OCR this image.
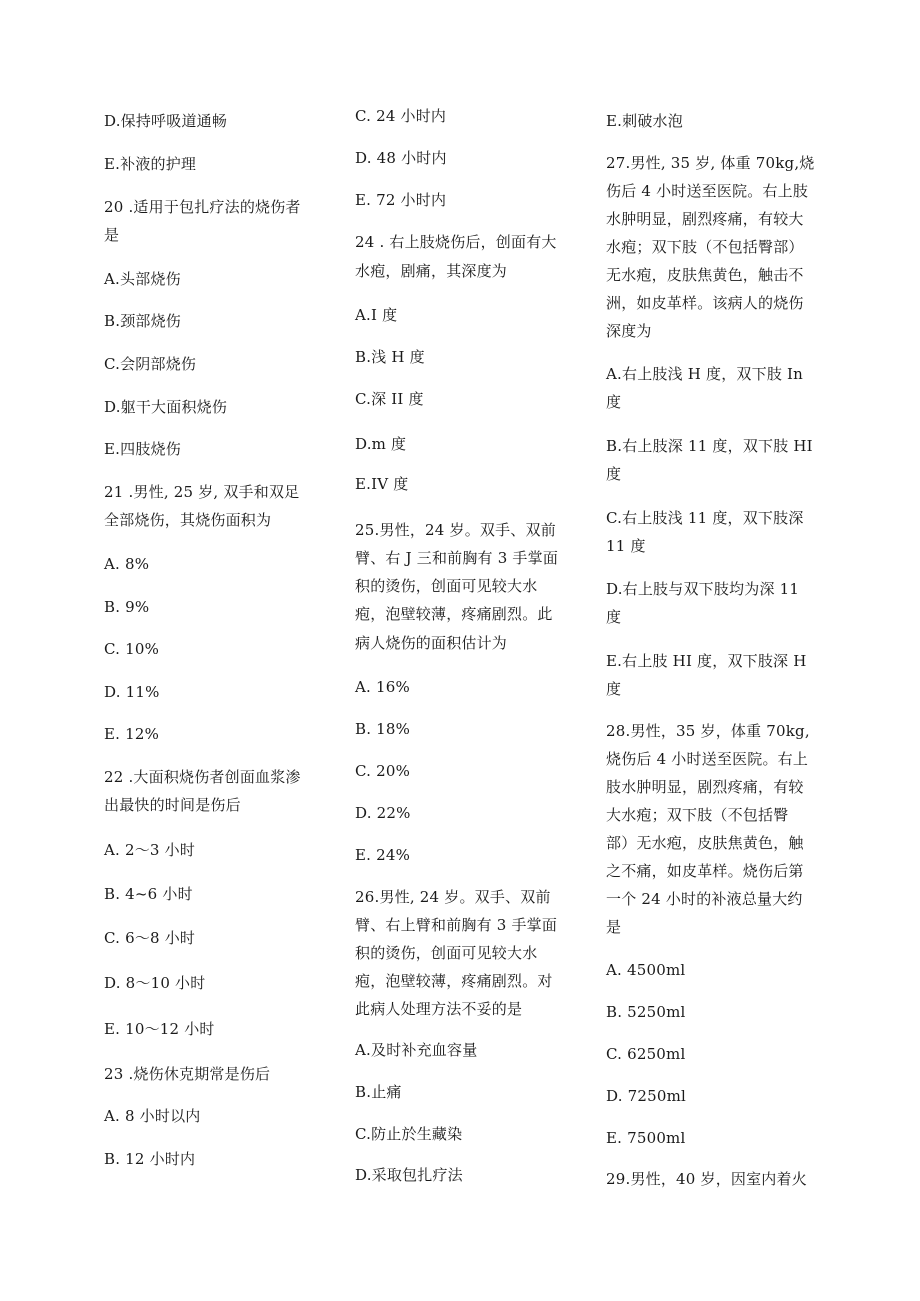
D.保持呼吸道通畅
E.补液的护理
20 .适用于包扎疗法的烧伤者
是
A.头部烧伤
B.颈部烧伤
C.会阴部烧伤
D.躯干大面积烧伤
E.四肢烧伤
21 .男性, 25 岁, 双手和双足
全部烧伤，其烧伤面积为
A. 8%
B. 9%
C. 10%
D. 11%
E. 12%
22 .大面积烧伤者创面血浆渗
出最快的时间是伤后
A. 2～3 小时
B. 4~6 小时
C. 6～8 小时
D. 8～10 小时
E. 10～12 小时
23 .烧伤休克期常是伤后
A. 8 小时以内
B. 12 小时内
C. 24 小时内
D. 48 小时内
E. 72 小时内
24 . 右上肢烧伤后，创面有大
水疱，剧痛，其深度为
A.I 度
B.浅 H 度
C.深 II 度
D.m 度
E.IV 度
25.男性，24 岁。双手、双前
臂、右 J 三和前胸有 3 手掌面
积的烫伤，创面可见较大水
疱，泡壁较薄，疼痛剧烈。此
病人烧伤的面积估计为
A. 16%
B. 18%
C. 20%
D. 22%
E. 24%
26.男性, 24 岁。双手、双前
臂、右上臂和前胸有 3 手掌面
积的烫伤，创面可见较大水
疱，泡壁较薄，疼痛剧烈。对
此病人处理方法不妥的是
A.及时补充血容量
B.止痛
C.防止於生藏染
D.采取包扎疗法
E.刺破水泡
27.男性, 35 岁, 体重 70kg,烧
伤后 4 小时送至医院。右上肢
水肿明显，剧烈疼痛，有较大
水疱；双下肢（不包括臀部）
无水疱，皮肤焦黄色，触击不
洲，如皮革样。该病人的烧伤
深度为
A.右上肢浅 H 度，双下肢 In
度
B.右上肢深 11 度，双下肢 HI
度
C.右上肢浅 11 度，双下肢深
11 度
D.右上肢与双下肢均为深 11
度
E.右上肢 HI 度，双下肢深 H
度
28.男性，35 岁，体重 70kg,
烧伤后 4 小时送至医院。右上
肢水肿明显，剧烈疼痛，有较
大水疱；双下肢（不包括臀
部）无水疱，皮肤焦黄色，触
之不痛，如皮革样。烧伤后第
一个 24 小时的补液总量大约
是
A. 4500ml
B. 5250ml
C. 6250ml
D. 7250ml
E. 7500ml
29.男性，40 岁，因室内着火
